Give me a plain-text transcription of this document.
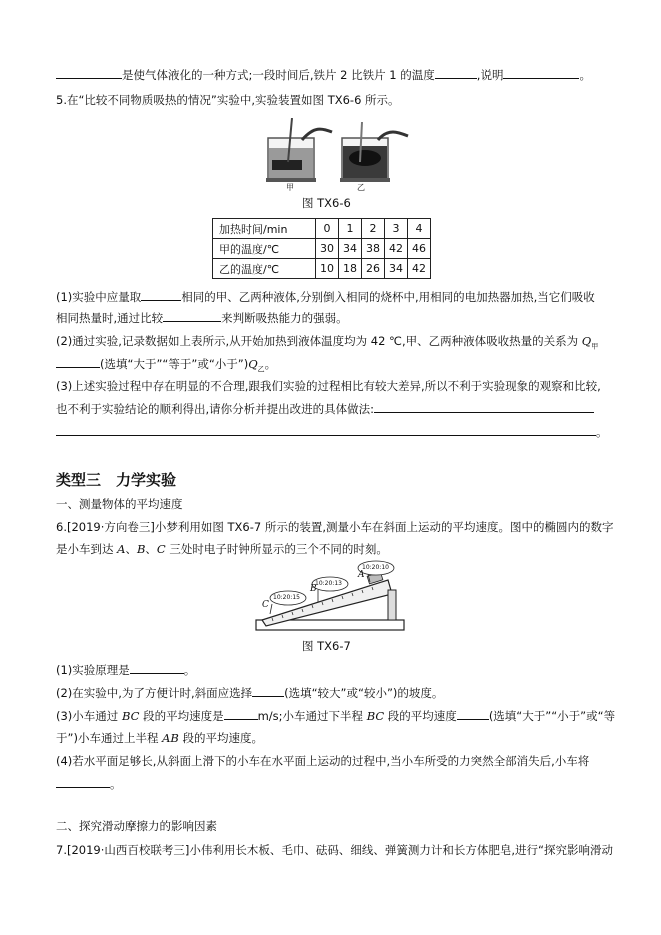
是使气体液化的一种方式;一段时间后,铁片 2 比铁片 1 的温度	,说明	。
5.在“比较不同物质吸热的情况”实验中,实验装置如图 TX6-6 所示。
甲	乙
图 TX6-6
加热时间/min	0	1	2	3	4
甲的温度/℃	30	34	38	42	46
乙的温度/℃	10	18	26	34	42
(1)实验中应量取	相同的甲、乙两种液体,分别倒入相同的烧杯中,用相同的电加热器加热,当它们吸收
相同热量时,通过比较	来判断吸热能力的强弱。
(2)通过实验,记录数据如上表所示,从开始加热到液体温度均为 42 ℃,甲、乙两种液体吸收热量的关系为 $Q_甲$
(选填“大于”“等于”或“小于$”)Q_乙$。
(3)上述实验过程中存在明显的不合理,跟我们实验的过程相比有较大差异,所以不利于实验现象的观察和比较,
也不利于实验结论的顺利得出,请你分析并提出改进的具体做法:
。
类型三　力学实验
一、测量物体的平均速度
6.[2019·方向卷三]小梦利用如图 TX6-7 所示的装置,测量小车在斜面上运动的平均速度。图中的椭圆内的数字
是小车到达 A、B、C 三处时电子时钟所显示的三个不同的时刻。
10:20:15
10:20:13
10:20:10
C
B
A
图 TX6-7
(1)实验原理是	。
(2)在实验中,为了方便计时,斜面应选择	(选填“较大”或“较小”)的坡度。
(3)小车通过 BC 段的平均速度是	m/s;小车通过下半程 BC 段的平均速度	(选填“大于”“小于”或“等
于”)小车通过上半程 AB 段的平均速度。
(4)若水平面足够长,从斜面上滑下的小车在水平面上运动的过程中,当小车所受的力突然全部消失后,小车将
。
二、探究滑动摩擦力的影响因素
7.[2019·山西百校联考三]小伟利用长木板、毛巾、砝码、细线、弹簧测力计和长方体肥皂,进行“探究影响滑动
